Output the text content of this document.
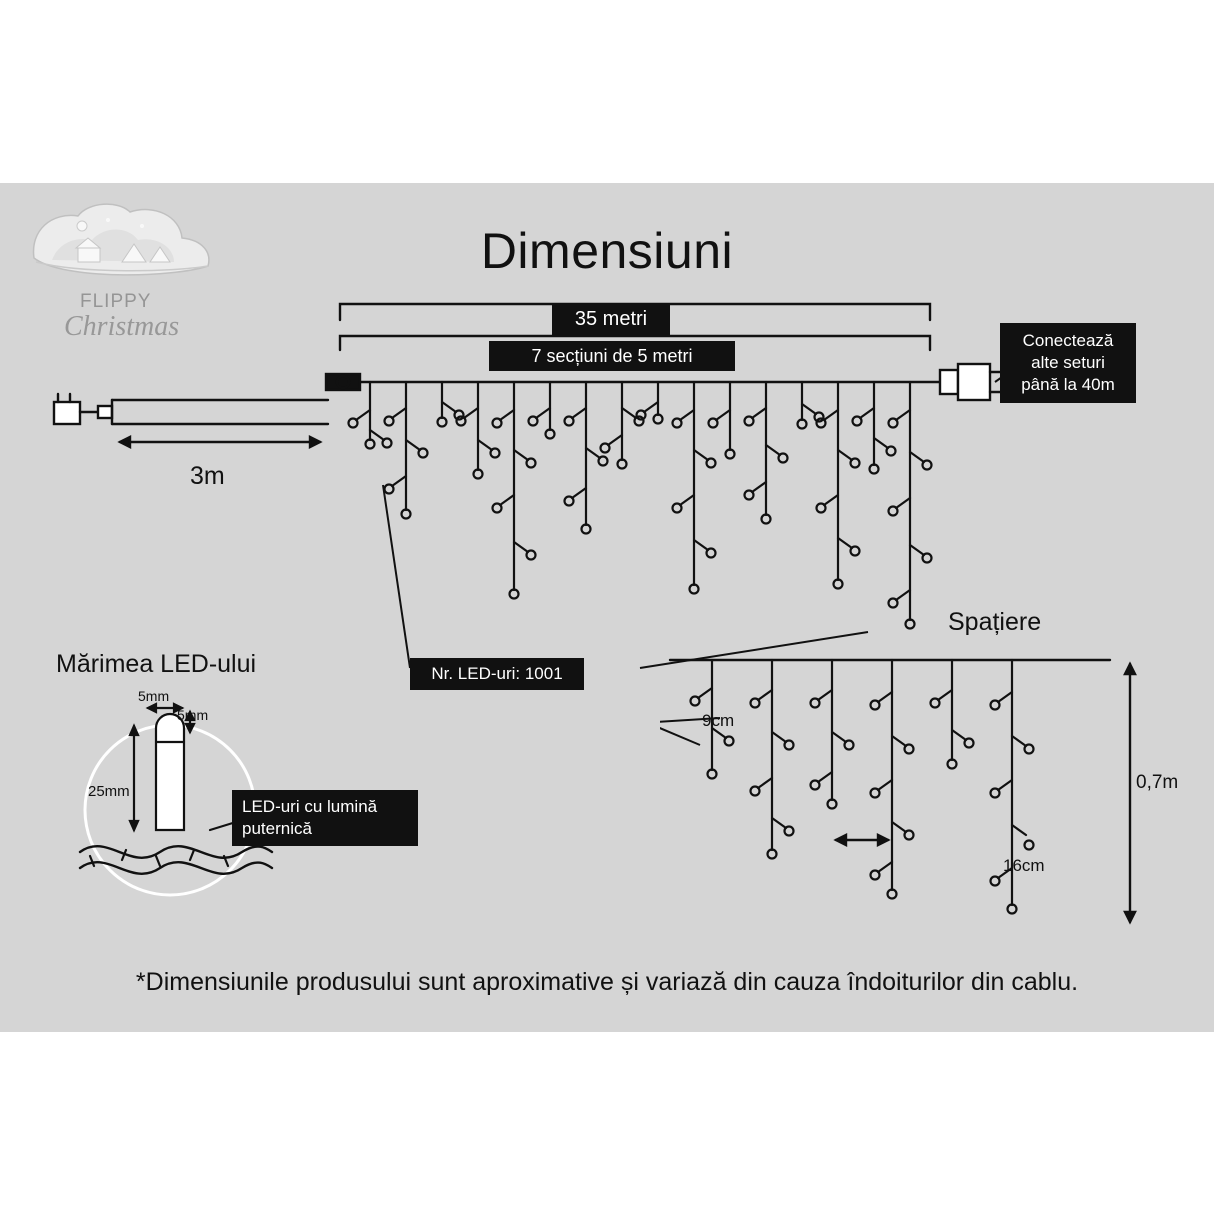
FLIPPY
Christmas
Dimensiuni
35 metri
7 secțiuni de 5 metri
Conectează
alte seturi
până la 40m
Nr. LED-uri: 1001
3m
Spațiere
9cm
16cm
0,7m
Mărimea LED-ului
5mm
5mm
25mm
LED-uri cu lumină
puternică
*Dimensiunile produsului sunt aproximative și variază din cauza îndoiturilor din cablu.
